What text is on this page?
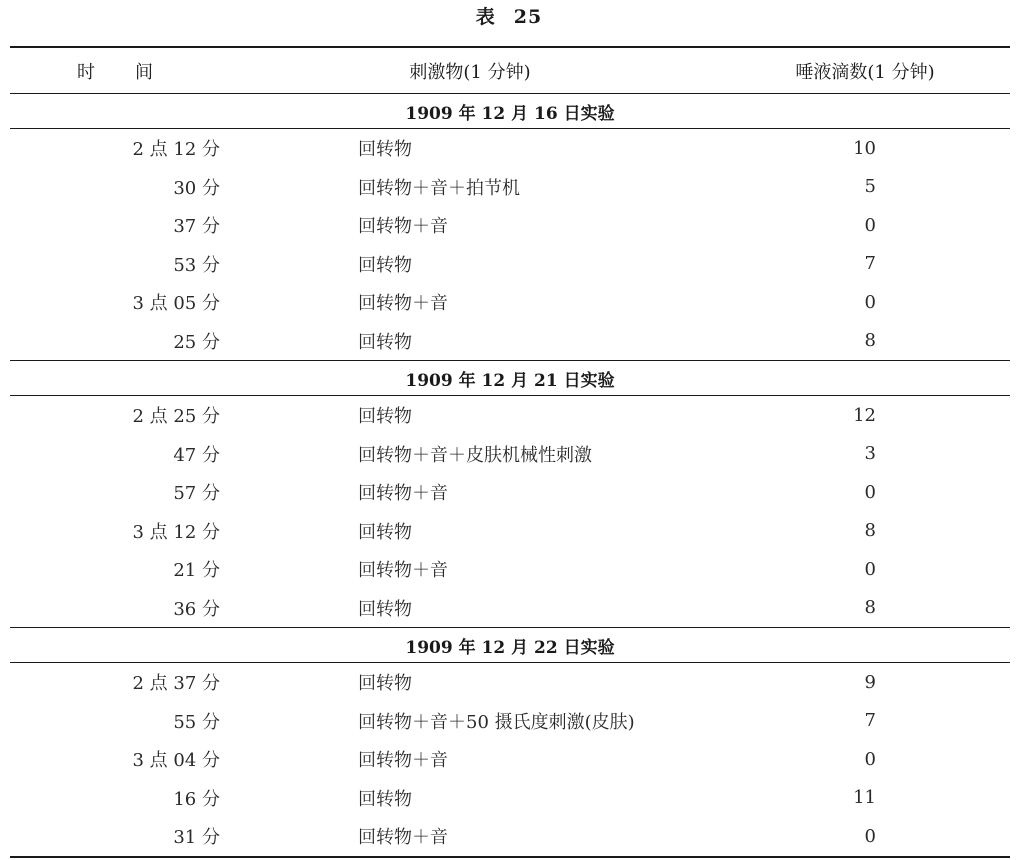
表 25
时 间	刺激物(1 分钟)	唾液滴数(1 分钟)
1909 年 12 月 16 日实验		
2 点 12 分	回转物	10
30 分	回转物＋音＋拍节机	5
37 分	回转物＋音	0
53 分	回转物	7
3 点 05 分	回转物＋音	0
25 分	回转物	8
1909 年 12 月 21 日实验		
2 点 25 分	回转物	12
47 分	回转物＋音＋皮肤机械性刺激	3
57 分	回转物＋音	0
3 点 12 分	回转物	8
21 分	回转物＋音	0
36 分	回转物	8
1909 年 12 月 22 日实验		
2 点 37 分	回转物	9
55 分	回转物＋音＋50 摄氏度刺激(皮肤)	7
3 点 04 分	回转物＋音	0
16 分	回转物	11
31 分	回转物＋音	0
